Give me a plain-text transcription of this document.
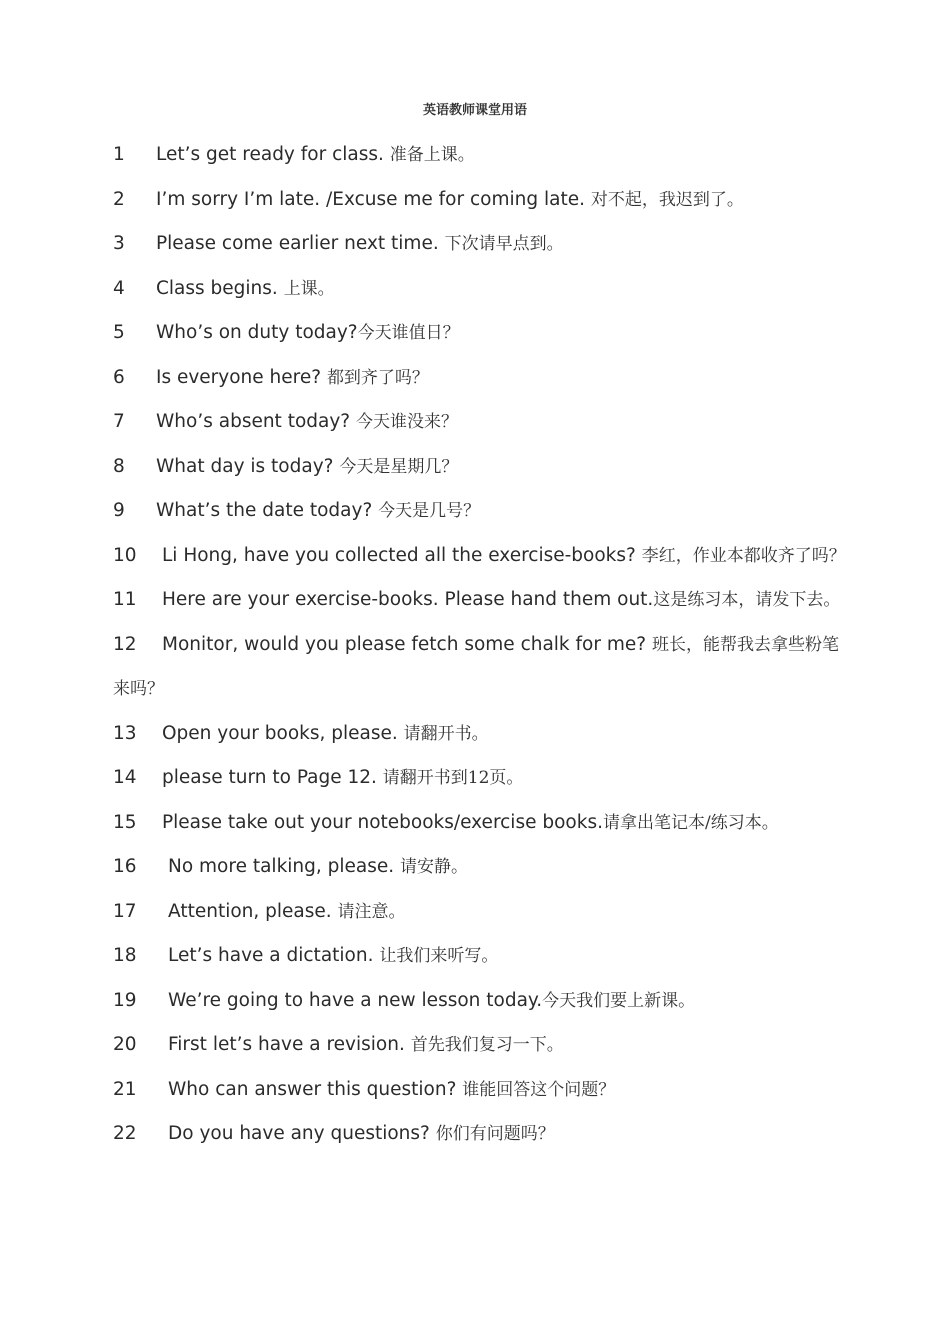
英语教师课堂用语
1 Let’s get ready for class. 准备上课。
2 I’m sorry I’m late. /Excuse me for coming late. 对不起，我迟到了。
3 Please come earlier next time. 下次请早点到。
4 Class begins. 上课。
5 Who’s on duty today?今天谁值日？
6 Is everyone here? 都到齐了吗？
7 Who’s absent today? 今天谁没来？
8 What day is today? 今天是星期几？
9 What’s the date today? 今天是几号？
10 Li Hong, have you collected all the exercise-books? 李红，作业本都收齐了吗？
11 Here are your exercise-books. Please hand them out.这是练习本，请发下去。
12 Monitor, would you please fetch some chalk for me? 班长，能帮我去拿些粉笔来吗？
13 Open your books, please. 请翻开书。
14 please turn to Page 12. 请翻开书到12页。
15 Please take out your notebooks/exercise books.请拿出笔记本/练习本。
16 No more talking, please. 请安静。
17 Attention, please. 请注意。
18 Let’s have a dictation. 让我们来听写。
19 We’re going to have a new lesson today.今天我们要上新课。
20 First let’s have a revision. 首先我们复习一下。
21 Who can answer this question? 谁能回答这个问题？
22 Do you have any questions? 你们有问题吗？
